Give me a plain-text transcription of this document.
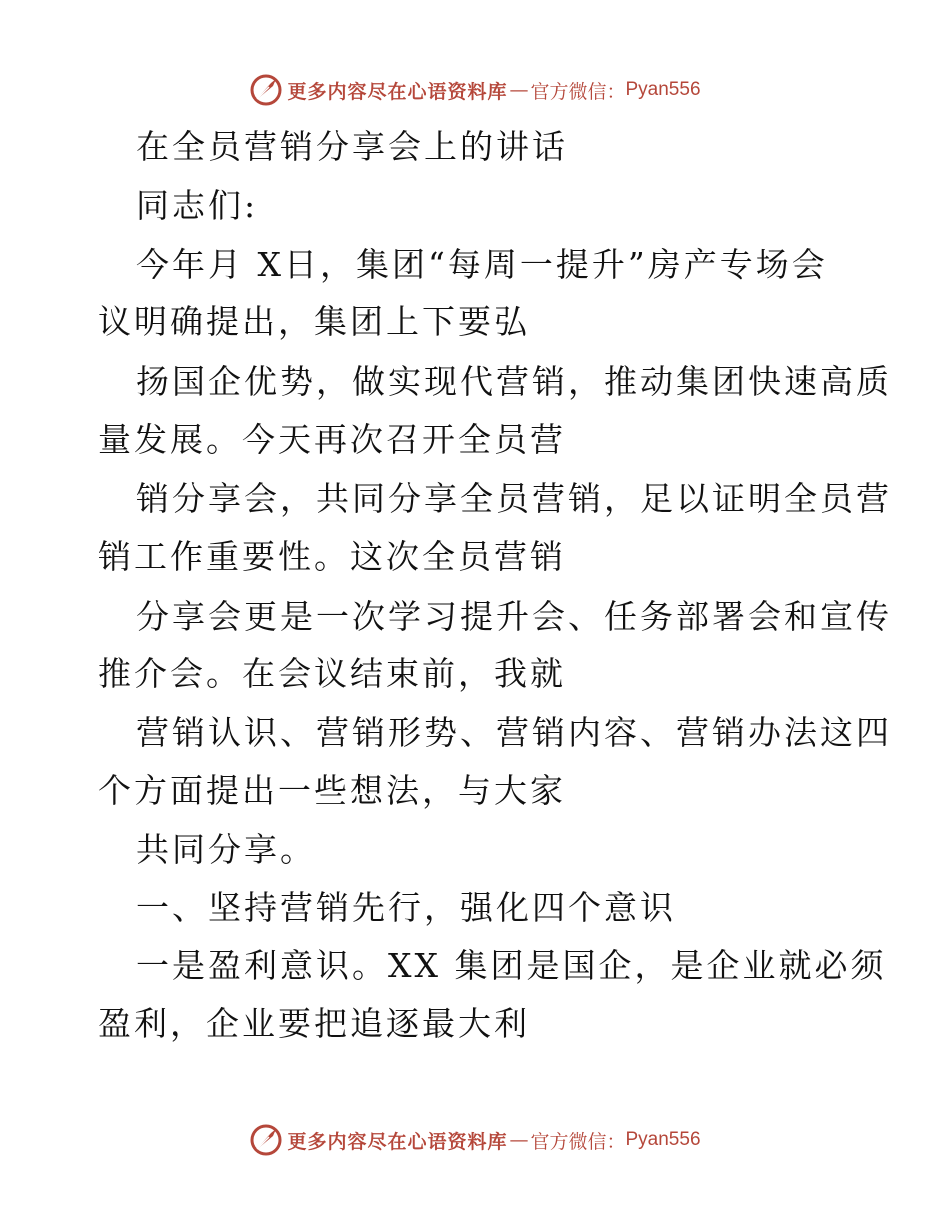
更多内容尽在心语资料库 — 官方微信： Pyan556
在全员营销分享会上的讲话
同志们:
今年月 X日，集团“每周一提升”房产专场会
议明确提出，集团上下要弘
扬国企优势，做实现代营销，推动集团快速高质
量发展。今天再次召开全员营
销分享会，共同分享全员营销，足以证明全员营
销工作重要性。这次全员营销
分享会更是一次学习提升会、任务部署会和宣传
推介会。在会议结束前，我就
营销认识、营销形势、营销内容、营销办法这四
个方面提出一些想法，与大家
共同分享。
一、坚持营销先行，强化四个意识
一是盈利意识。XX 集团是国企，是企业就必须
盈利，企业要把追逐最大利
更多内容尽在心语资料库 — 官方微信： Pyan556
